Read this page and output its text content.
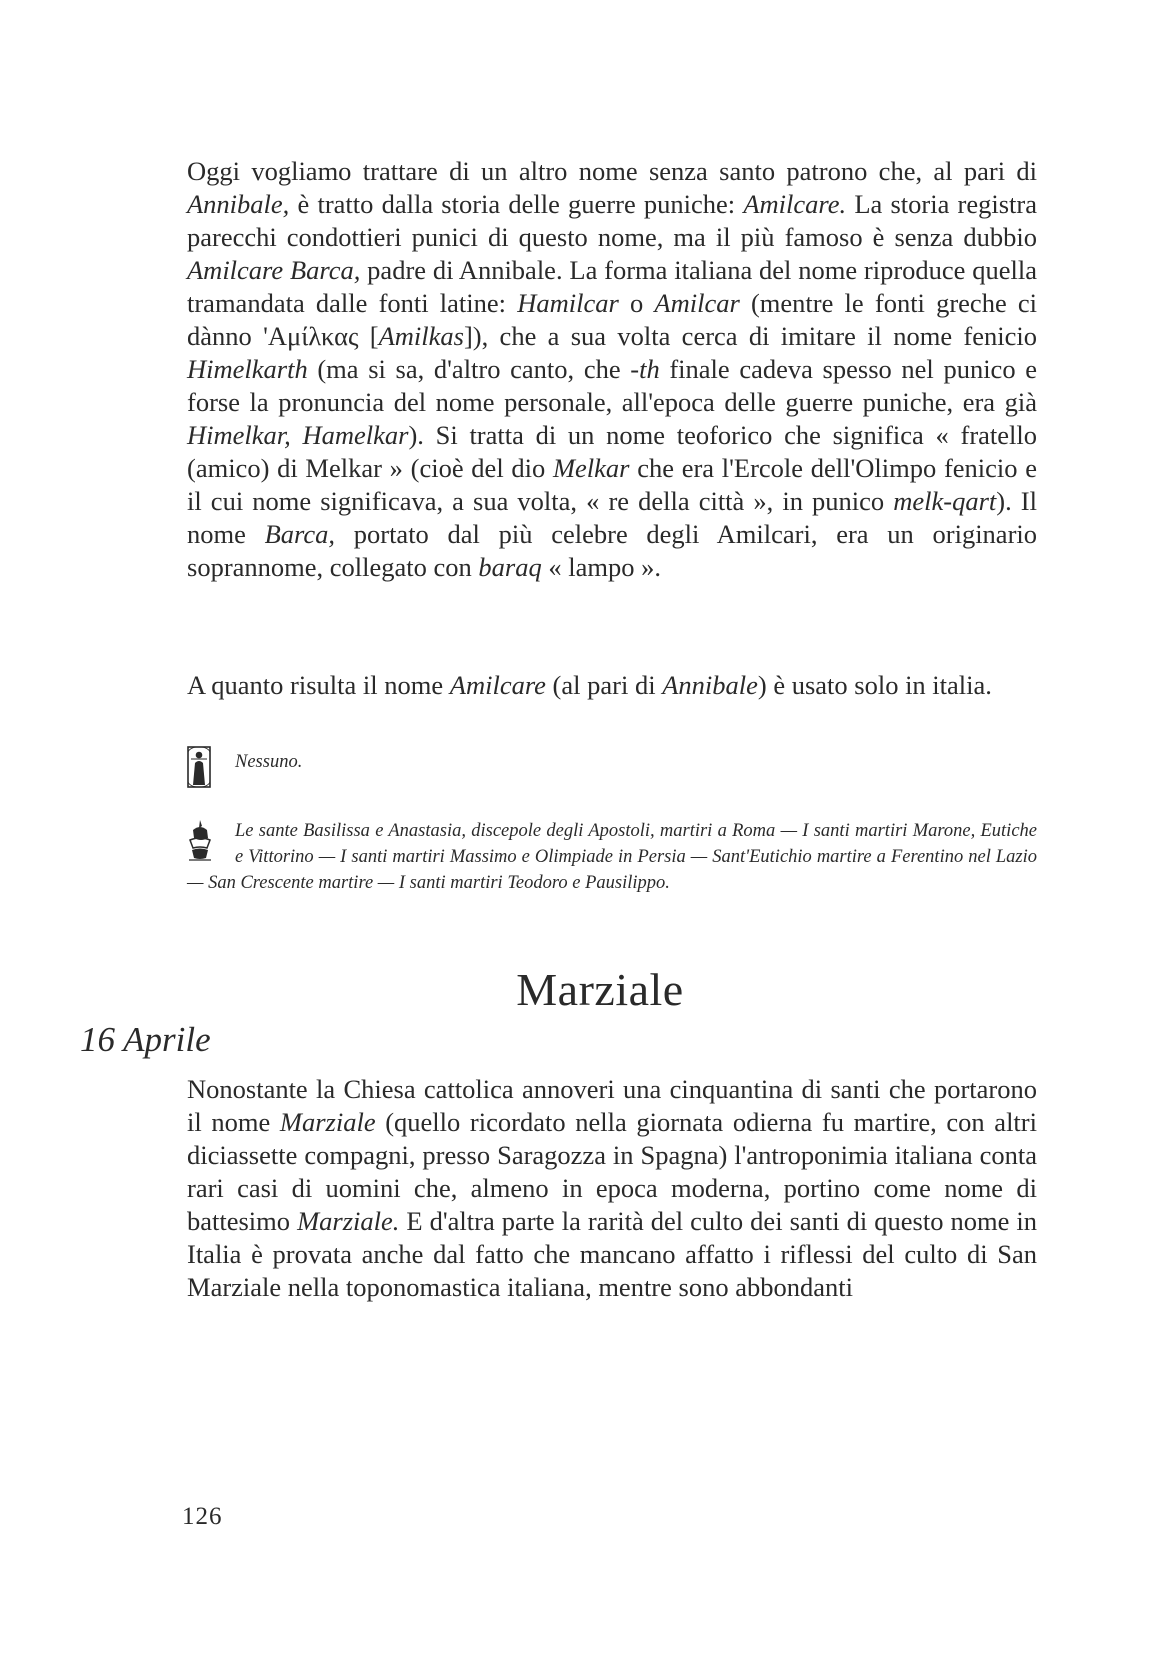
Oggi vogliamo trattare di un altro nome senza santo patrono che, al pari di Annibale, è tratto dalla storia delle guerre puniche: Amilcare. La storia registra parecchi condottieri punici di questo nome, ma il più famoso è senza dubbio Amilcare Barca, padre di Annibale. La forma italiana del nome riproduce quella tramandata dalle fonti latine: Hamilcar o Amilcar (mentre le fonti greche ci dànno 'Αμίλκας [Amilkas]), che a sua volta cerca di imitare il nome fenicio Himelkarth (ma si sa, d'altro canto, che -th finale cadeva spesso nel punico e forse la pronuncia del nome personale, all'epoca delle guerre puniche, era già Himelkar, Hamelkar). Si tratta di un nome teoforico che significa « fratello (amico) di Melkar » (cioè del dio Melkar che era l'Ercole dell'Olimpo fenicio e il cui nome significava, a sua volta, « re della città », in punico melk-qart). Il nome Barca, portato dal più celebre degli Amilcari, era un originario soprannome, collegato con baraq « lampo ».

A quanto risulta il nome Amilcare (al pari di Annibale) è usato solo in italia.

Nessuno.
Le sante Basilissa e Anastasia, discepole degli Apostoli, martiri a Roma — I santi martiri Marone, Eutiche e Vittorino — I santi martiri Massimo e Olimpiade in Persia — Sant'Eutichio martire a Ferentino nel Lazio — San Crescente martire — I santi martiri Teodoro e Pausilippo.
Marziale
16 Aprile

Nonostante la Chiesa cattolica annoveri una cinquantina di santi che portarono il nome Marziale (quello ricordato nella giornata odierna fu martire, con altri diciassette compagni, presso Saragozza in Spagna) l'antroponimia italiana conta rari casi di uomini che, almeno in epoca moderna, portino come nome di battesimo Marziale. E d'altra parte la rarità del culto dei santi di questo nome in Italia è provata anche dal fatto che mancano affatto i riflessi del culto di San Marziale nella toponomastica italiana, mentre sono abbondanti

126
